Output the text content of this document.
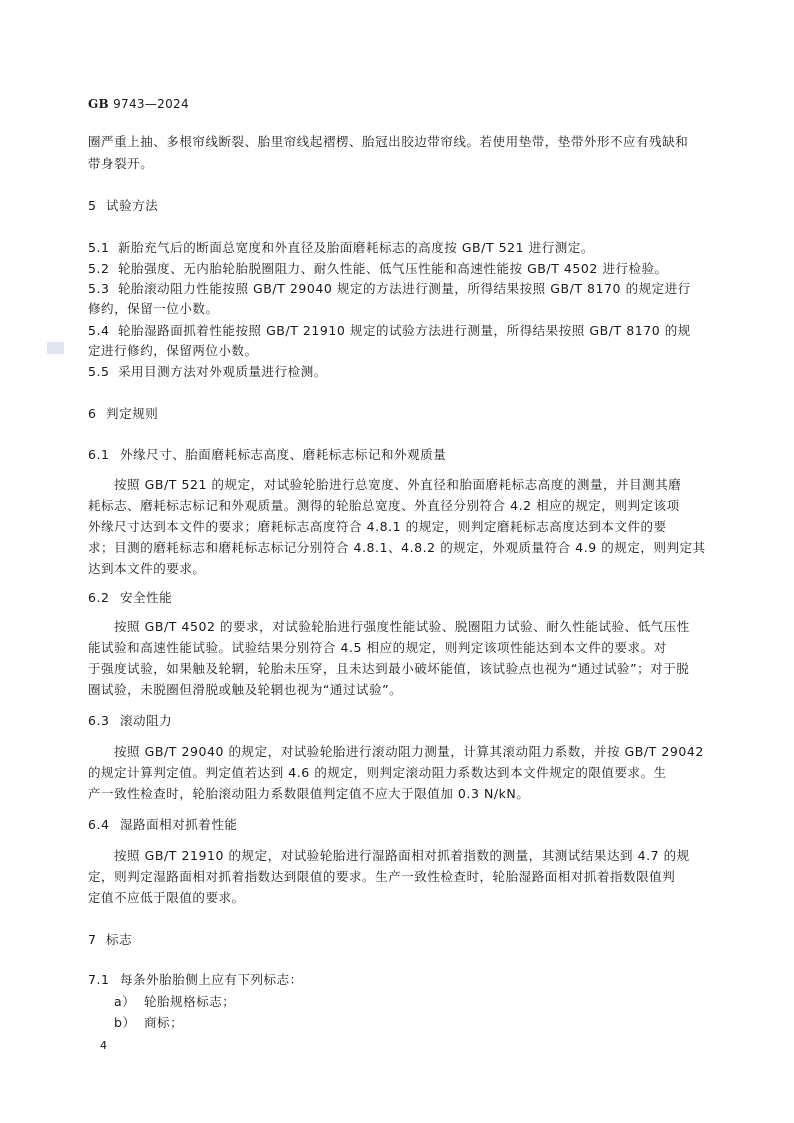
GB 9743—2024
圈严重上抽、多根帘线断裂、胎里帘线起褶楞、胎冠出胶边带帘线。若使用垫带，垫带外形不应有残缺和
带身裂开。
5 试验方法
5.1 新胎充气后的断面总宽度和外直径及胎面磨耗标志的高度按 GB/T 521 进行测定。
5.2 轮胎强度、无内胎轮胎脱圈阻力、耐久性能、低气压性能和高速性能按 GB/T 4502 进行检验。
5.3 轮胎滚动阻力性能按照 GB/T 29040 规定的方法进行测量，所得结果按照 GB/T 8170 的规定进行
修约，保留一位小数。
5.4 轮胎湿路面抓着性能按照 GB/T 21910 规定的试验方法进行测量，所得结果按照 GB/T 8170 的规
定进行修约，保留两位小数。
5.5 采用目测方法对外观质量进行检测。
6 判定规则
6.1 外缘尺寸、胎面磨耗标志高度、磨耗标志标记和外观质量
按照 GB/T 521 的规定，对试验轮胎进行总宽度、外直径和胎面磨耗标志高度的测量，并目测其磨
耗标志、磨耗标志标记和外观质量。测得的轮胎总宽度、外直径分别符合 4.2 相应的规定，则判定该项
外缘尺寸达到本文件的要求；磨耗标志高度符合 4.8.1 的规定，则判定磨耗标志高度达到本文件的要
求；目测的磨耗标志和磨耗标志标记分别符合 4.8.1、4.8.2 的规定，外观质量符合 4.9 的规定，则判定其
达到本文件的要求。
6.2 安全性能
按照 GB/T 4502 的要求，对试验轮胎进行强度性能试验、脱圈阻力试验、耐久性能试验、低气压性
能试验和高速性能试验。试验结果分别符合 4.5 相应的规定，则判定该项性能达到本文件的要求。对
于强度试验，如果触及轮辋，轮胎未压穿，且未达到最小破坏能值，该试验点也视为“通过试验”；对于脱
圈试验，未脱圈但滑脱或触及轮辋也视为“通过试验”。
6.3 滚动阻力
按照 GB/T 29040 的规定，对试验轮胎进行滚动阻力测量，计算其滚动阻力系数，并按 GB/T 29042
的规定计算判定值。判定值若达到 4.6 的规定，则判定滚动阻力系数达到本文件规定的限值要求。生
产一致性检查时，轮胎滚动阻力系数限值判定值不应大于限值加 0.3 N/kN。
6.4 湿路面相对抓着性能
按照 GB/T 21910 的规定，对试验轮胎进行湿路面相对抓着指数的测量，其测试结果达到 4.7 的规
定，则判定湿路面相对抓着指数达到限值的要求。生产一致性检查时，轮胎湿路面相对抓着指数限值判
定值不应低于限值的要求。
7 标志
7.1 每条外胎胎侧上应有下列标志：
a） 轮胎规格标志；
b） 商标；
4
